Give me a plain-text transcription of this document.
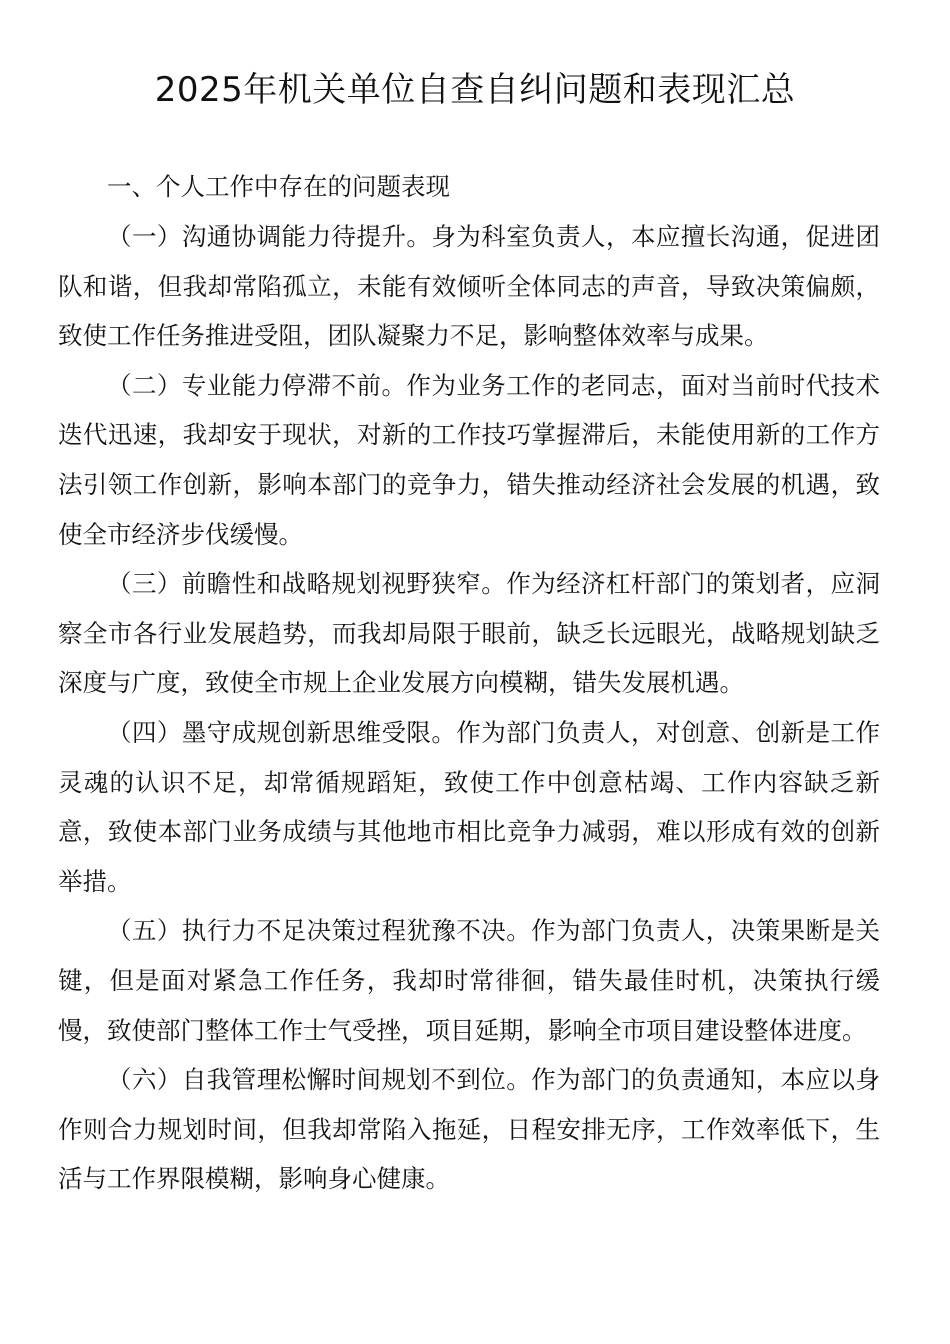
2025年机关单位自查自纠问题和表现汇总

一、个人工作中存在的问题表现

（一）沟通协调能力待提升。身为科室负责人，本应擅长沟通，促进团队和谐，但我却常陷孤立，未能有效倾听全体同志的声音，导致决策偏颇，致使工作任务推进受阻，团队凝聚力不足，影响整体效率与成果。

（二）专业能力停滞不前。作为业务工作的老同志，面对当前时代技术迭代迅速，我却安于现状，对新的工作技巧掌握滞后，未能使用新的工作方法引领工作创新，影响本部门的竞争力，错失推动经济社会发展的机遇，致使全市经济步伐缓慢。

（三）前瞻性和战略规划视野狭窄。作为经济杠杆部门的策划者，应洞察全市各行业发展趋势，而我却局限于眼前，缺乏长远眼光，战略规划缺乏深度与广度，致使全市规上企业发展方向模糊，错失发展机遇。

（四）墨守成规创新思维受限。作为部门负责人，对创意、创新是工作灵魂的认识不足，却常循规蹈矩，致使工作中创意枯竭、工作内容缺乏新意，致使本部门业务成绩与其他地市相比竞争力减弱，难以形成有效的创新举措。

（五）执行力不足决策过程犹豫不决。作为部门负责人，决策果断是关键，但是面对紧急工作任务，我却时常徘徊，错失最佳时机，决策执行缓慢，致使部门整体工作士气受挫，项目延期，影响全市项目建设整体进度。

（六）自我管理松懈时间规划不到位。作为部门的负责通知，本应以身作则合力规划时间，但我却常陷入拖延，日程安排无序，工作效率低下，生活与工作界限模糊，影响身心健康。
